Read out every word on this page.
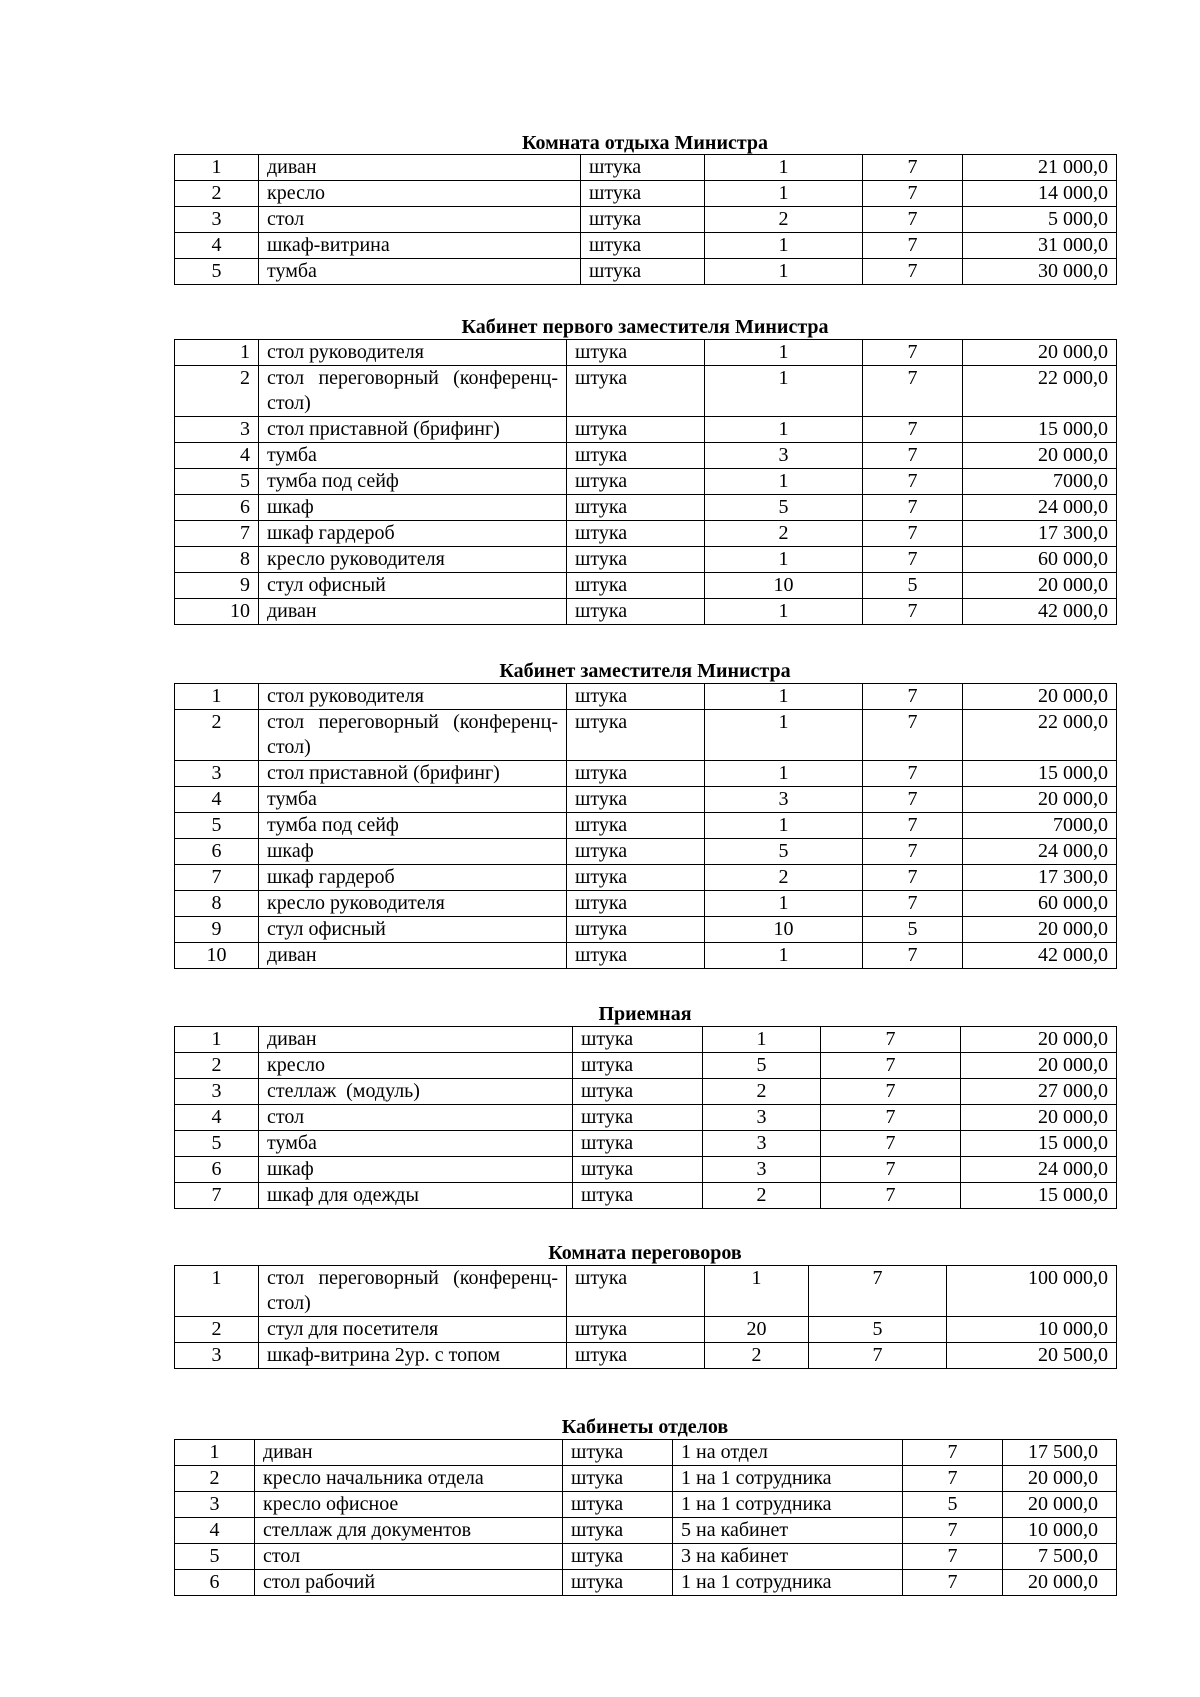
Комната отдыха Министра
1	диван	штука	1	7	21 000,0
2	кресло	штука	1	7	14 000,0
3	стол	штука	2	7	5 000,0
4	шкаф-витрина	штука	1	7	31 000,0
5	тумба	штука	1	7	30 000,0
Кабинет первого заместителя Министра
1	стол руководителя	штука	1	7	20 000,0
2	стол переговорный (конференц-стол)	штука	1	7	22 000,0
3	стол приставной (брифинг)	штука	1	7	15 000,0
4	тумба	штука	3	7	20 000,0
5	тумба под сейф	штука	1	7	7000,0
6	шкаф	штука	5	7	24 000,0
7	шкаф гардероб	штука	2	7	17 300,0
8	кресло руководителя	штука	1	7	60 000,0
9	стул офисный	штука	10	5	20 000,0
10	диван	штука	1	7	42 000,0
Кабинет заместителя Министра
1	стол руководителя	штука	1	7	20 000,0
2	стол переговорный (конференц-стол)	штука	1	7	22 000,0
3	стол приставной (брифинг)	штука	1	7	15 000,0
4	тумба	штука	3	7	20 000,0
5	тумба под сейф	штука	1	7	7000,0
6	шкаф	штука	5	7	24 000,0
7	шкаф гардероб	штука	2	7	17 300,0
8	кресло руководителя	штука	1	7	60 000,0
9	стул офисный	штука	10	5	20 000,0
10	диван	штука	1	7	42 000,0
Приемная
1	диван	штука	1	7	20 000,0
2	кресло	штука	5	7	20 000,0
3	стеллаж  (модуль)	штука	2	7	27 000,0
4	стол	штука	3	7	20 000,0
5	тумба	штука	3	7	15 000,0
6	шкаф	штука	3	7	24 000,0
7	шкаф для одежды	штука	2	7	15 000,0
Комната переговоров
1	стол переговорный (конференц-стол)	штука	1	7	100 000,0
2	стул для посетителя	штука	20	5	10 000,0
3	шкаф-витрина 2ур. с топом	штука	2	7	20 500,0
Кабинеты отделов
1	диван	штука	1 на отдел	7	17 500,0
2	кресло начальника отдела	штука	1 на 1 сотрудника	7	20 000,0
3	кресло офисное	штука	1 на 1 сотрудника	5	20 000,0
4	стеллаж для документов	штука	5 на кабинет	7	10 000,0
5	стол	штука	3 на кабинет	7	7 500,0
6	стол рабочий	штука	1 на 1 сотрудника	7	20 000,0
